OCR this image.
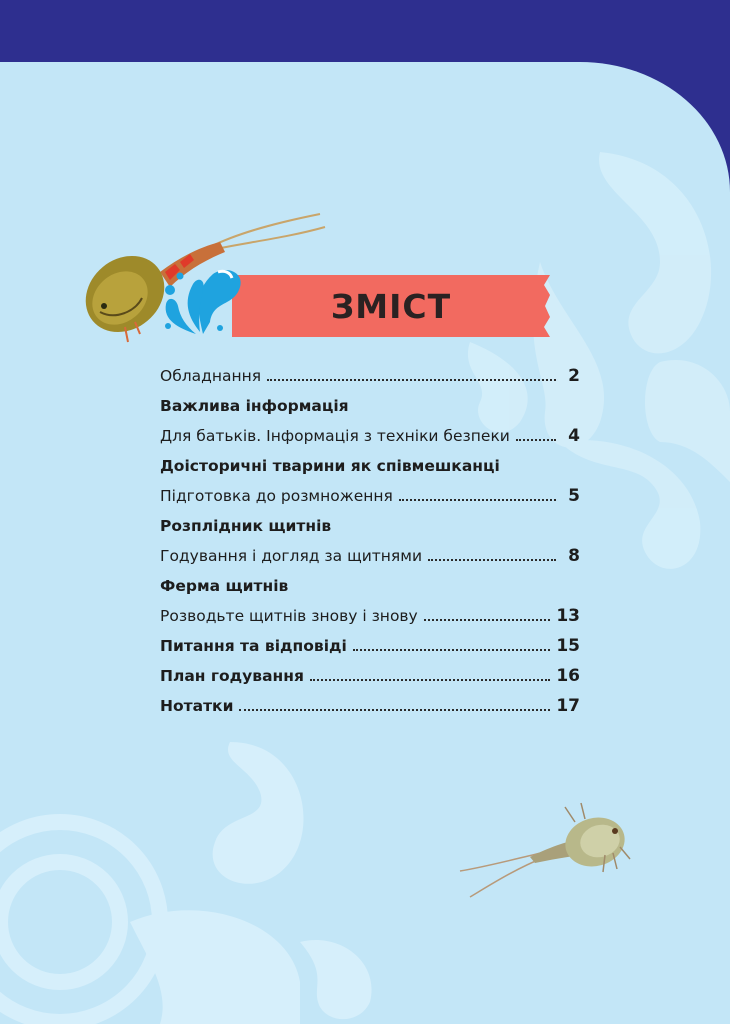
ЗМІСТ
Обладнання	2
Важлива інформація
Для батьків. Інформація з техніки безпеки	4
Доісторичні тварини як співмешканці
Підготовка до розмноження	5
Розплідник щитнів
Годування і догляд за щитнями	8
Ферма щитнів
Розводьте щитнів знову і знову	13
Питання та відповіді	15
План годування	16
Нотатки	17
